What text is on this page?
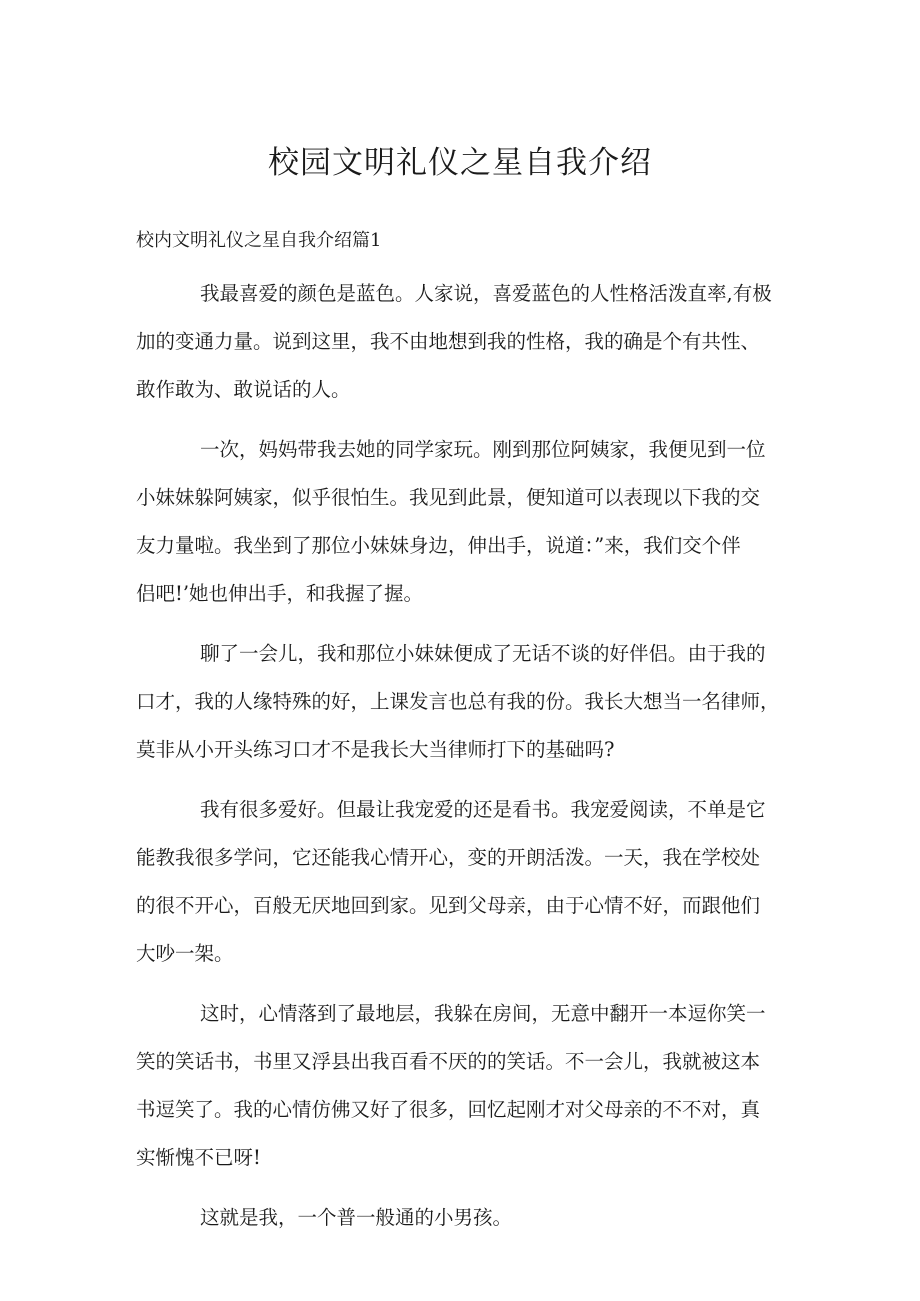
校园文明礼仪之星自我介绍
校内文明礼仪之星自我介绍篇1
我最喜爱的颜色是蓝色。人家说，喜爱蓝色的人性格活泼直率,有极
加的变通力量。说到这里，我不由地想到我的性格，我的确是个有共性、
敢作敢为、敢说话的人。
一次，妈妈带我去她的同学家玩。刚到那位阿姨家，我便见到一位
小妹妹躲阿姨家，似乎很怕生。我见到此景，便知道可以表现以下我的交
友力量啦。我坐到了那位小妹妹身边，伸出手，说道：”来，我们交个伴
侣吧!’她也伸出手，和我握了握。
聊了一会儿，我和那位小妹妹便成了无话不谈的好伴侣。由于我的
口才，我的人缘特殊的好，上课发言也总有我的份。我长大想当一名律师，
莫非从小开头练习口才不是我长大当律师打下的基础吗?
我有很多爱好。但最让我宠爱的还是看书。我宠爱阅读，不单是它
能教我很多学问，它还能我心情开心，变的开朗活泼。一天，我在学校处
的很不开心，百般无厌地回到家。见到父母亲，由于心情不好，而跟他们
大吵一架。
这时，心情落到了最地层，我躲在房间，无意中翻开一本逗你笑一
笑的笑话书，书里又浮县出我百看不厌的的笑话。不一会儿，我就被这本
书逗笑了。我的心情仿佛又好了很多，回忆起刚才对父母亲的不不对，真
实惭愧不已呀!
这就是我，一个普一般通的小男孩。
